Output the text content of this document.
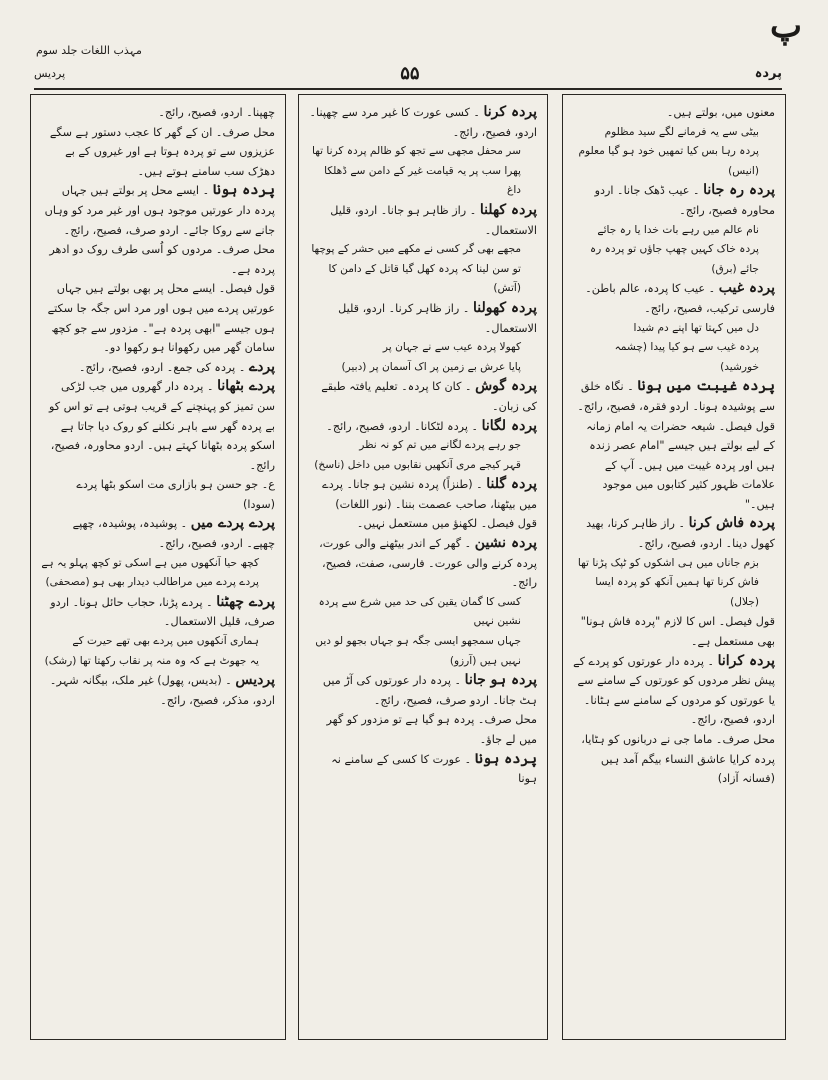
پ
مہذب اللغات جلد سوم
پردہ
۵۵
پردیس
معنوں میں، بولتے ہیں۔
بیٹی سے یہ فرمانے لگے سید مظلوم
پردہ رہا بس کیا تمھیں خود ہو گیا معلوم (انیس)
پردہ رہ جانا ۔ عیب ڈھک جانا۔ اردو محاورہ فصیح، رائج۔
نام عالم میں رہے بات خدا یا رہ جائے
پردہ خاک کہیں چھپ جاؤں تو پردہ رہ جائے (برق)
پردہ غیب ۔ عیب کا پردہ، عالم باطن۔ فارسی ترکیب، فصیح، رائج۔
دل میں کہتا تھا اپنے دم شیدا
پردہ غیب سے ہو کیا پیدا (چشمہ خورشید)
پردہ غیبت میں ہونا ۔ نگاہ خلق سے پوشیدہ ہونا۔ اردو فقرہ، فصیح، رائج۔
قول فیصل۔ شیعہ حضرات یہ امام زمانہ کے لیے بولتے ہیں جیسے "امام عصر زندہ ہیں اور پردہ غیبت میں ہیں۔ آپ کے علامات ظہور کثیر کتابوں میں موجود ہیں۔"
پردہ فاش کرنا ۔ راز ظاہر کرنا، بھید کھول دینا۔ اردو، فصیح، رائج۔
بزم جاناں میں ہی اشکوں کو ٹپک پڑنا تھا
فاش کرنا تھا ہمیں آنکھ کو پردہ ایسا (جلال)
قول فیصل۔ اس کا لازم "پردہ فاش ہونا" بھی مستعمل ہے۔
پردہ کرانا ۔ پردہ دار عورتوں کو پردے کے پیش نظر مردوں کو عورتوں کے سامنے سے یا عورتوں کو مردوں کے سامنے سے ہٹانا۔ اردو، فصیح، رائج۔
محل صرف۔ ماما جی نے دربانوں کو ہٹایا، پردہ کرایا عاشق النساء بیگم آمد ہیں (فسانہ آزاد)
پردہ کرنا ۔ کسی عورت کا غیر مرد سے چھپنا۔ اردو، فصیح، رائج۔
سر محفل مجھی سے تجھ کو ظالم پردہ کرنا تھا
پھرا سب پر یہ قیامت غیر کے دامن سے ڈھلکا داغ
پردہ کھلنا ۔ راز ظاہر ہو جانا۔ اردو، قلیل الاستعمال۔
مجھے بھی گر کسی نے مکھے میں حشر کے پوچھا
تو سن لینا کہ پردہ کھل گیا قاتل کے دامن کا (آتش)
پردہ کھولنا ۔ راز ظاہر کرنا۔ اردو، قلیل الاستعمال۔
کھولا پردہ عیب سے نے جہان پر
پایا عرش بے زمین پر اک آسمان پر (دبیر)
پردہ گوش ۔ کان کا پردہ۔ تعلیم یافتہ طبقے کی زبان۔
پردہ لگانا ۔ پردہ لٹکانا۔ اردو، فصیح، رائج۔
جو رہے پردے لگانے میں تم کو نہ نظر
قہر کیجے مری آنکھیں نقابوں میں داخل (ناسخ)
پردہ گلنا ۔ (طنزاً) پردہ نشین ہو جانا۔ پردے میں بیٹھنا، صاحب عصمت بننا۔ (نور اللغات)
قول فیصل۔ لکھنؤ میں مستعمل نہیں۔
پردہ نشین ۔ گھر کے اندر بیٹھنے والی عورت، پردہ کرنے والی عورت۔ فارسی، صفت، فصیح، رائج۔
کسی کا گمان یقین کی حد میں شرع سے پردہ نشین نہیں
جہاں سمجھو ایسی جگہ ہو جہاں بجھو لو دیں نہیں ہیں (آرزو)
پردہ ہو جانا ۔ پردہ دار عورتوں کی آڑ میں ہٹ جانا۔ اردو صرف، فصیح، رائج۔
محل صرف۔ پردہ ہو گیا ہے تو مزدور کو گھر میں لے جاؤ۔
پردہ ہونا ۔ عورت کا کسی کے سامنے نہ ہونا
چھپنا۔ اردو، فصیح، رائج۔
محل صرف۔ ان کے گھر کا عجب دستور ہے سگے عزیزوں سے تو پردہ ہوتا ہے اور غیروں کے بے دھڑک سب سامنے ہوتے ہیں۔
پردہ ہونا ۔ ایسے محل پر بولتے ہیں جہاں پردہ دار عورتیں موجود ہوں اور غیر مرد کو وہاں جانے سے روکا جائے۔ اردو صرف، فصیح، رائج۔
محل صرف۔ مردوں کو اُسی طرف روک دو ادھر پردہ ہے۔
قول فیصل۔ ایسے محل پر بھی بولتے ہیں جہاں عورتیں پردے میں ہوں اور مرد اس جگہ جا سکتے ہوں جیسے "ابھی پردہ ہے"۔ مزدور سے جو کچھ سامان گھر میں رکھوانا ہو رکھوا دو۔
پردے ۔ پردہ کی جمع۔ اردو، فصیح، رائج۔
پردے بٹھانا ۔ پردہ دار گھروں میں جب لڑکی سن تمیز کو پہنچنے کے قریب ہوتی ہے تو اس کو بے پردہ گھر سے باہر نکلنے کو روک دیا جاتا ہے اسکو پردہ بٹھانا کہتے ہیں۔ اردو محاورہ، فصیح، رائج۔
ع۔ جو حسن ہو بازاری مت اسکو بٹھا پردے (سودا)
پردے پردے میں ۔ پوشیدہ، پوشیدہ، چھپے چھپے۔ اردو، فصیح، رائج۔
کچھ حیا آنکھوں میں ہے اسکی تو کچھ پہلو یہ ہے
پردے پردے میں مراطالب دیدار بھی ہو (مصحفی)
پردے چھٹنا ۔ پردے پڑنا، حجاب حائل ہونا۔ اردو صرف، قلیل الاستعمال۔
ہماری آنکھوں میں پردے بھی تھے حیرت کے
یہ جھوٹ ہے کہ وہ منہ پر نقاب رکھتا تھا (رشک)
پردیس ۔ (بدیس، پھول) غیر ملک، بیگانہ شہر۔ اردو، مذکر، فصیح، رائج۔
